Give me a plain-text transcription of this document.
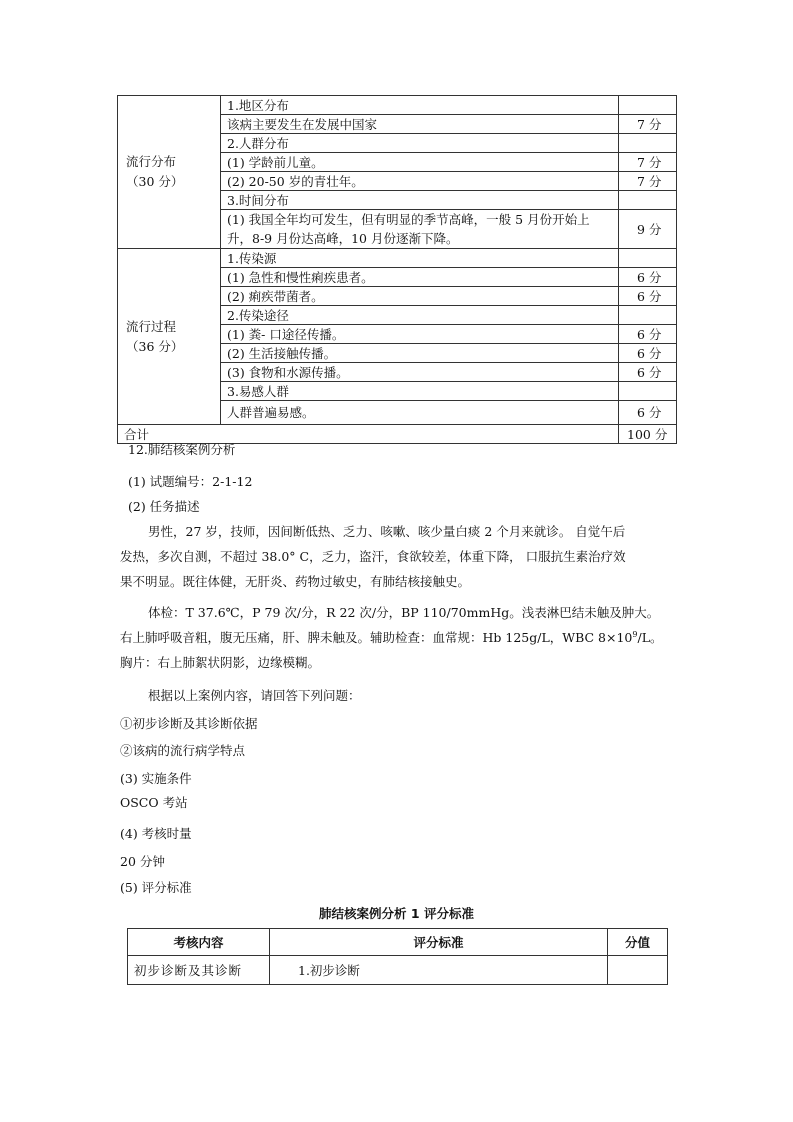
流行分布
（30 分）	1.地区分布	
	该病主要发生在发展中国家	7 分
	2.人群分布	
	(1) 学龄前儿童。	7 分
	(2) 20-50 岁的青壮年。	7 分
	3.时间分布	
	(1) 我国全年均可发生，但有明显的季节高峰，一般 5 月份开始上升，8-9 月份达高峰，10 月份逐渐下降。	9 分

流行过程
（36 分）	1.传染源	
	(1) 急性和慢性痢疾患者。	6 分
	(2) 痢疾带菌者。	6 分
	2.传染途径	
	(1) 粪- 口途径传播。	6 分
	(2) 生活接触传播。	6 分
	(3) 食物和水源传播。	6 分
	3.易感人群	
	人群普遍易感。	6 分
合计		100 分
12.肺结核案例分析
(1) 试题编号：2-1-12
(2) 任务描述
男性，27 岁，技师，因间断低热、乏力、咳嗽、咳少量白痰 2 个月来就诊。 自觉午后
发热，多次自测，不超过 38.0° C，乏力，盗汗，食欲较差，体重下降， 口服抗生素治疗效
果不明显。既往体健，无肝炎、药物过敏史，有肺结核接触史。
体检：T 37.6℃，P 79 次/分，R 22 次/分，BP 110/70mmHg。浅表淋巴结未触及肿大。
右上肺呼吸音粗，腹无压痛，肝、脾未触及。辅助检查：血常规：Hb 125g/L，WBC $8\times 10^9/L$。
胸片：右上肺絮状阴影，边缘模糊。
根据以上案例内容，请回答下列问题：
①初步诊断及其诊断依据
②该病的流行病学特点
(3) 实施条件
OSCO 考站
(4) 考核时量
20 分钟
(5) 评分标准
肺结核案例分析 1 评分标准
考核内容	评分标准	分值
初步诊断及其诊断	1.初步诊断	
